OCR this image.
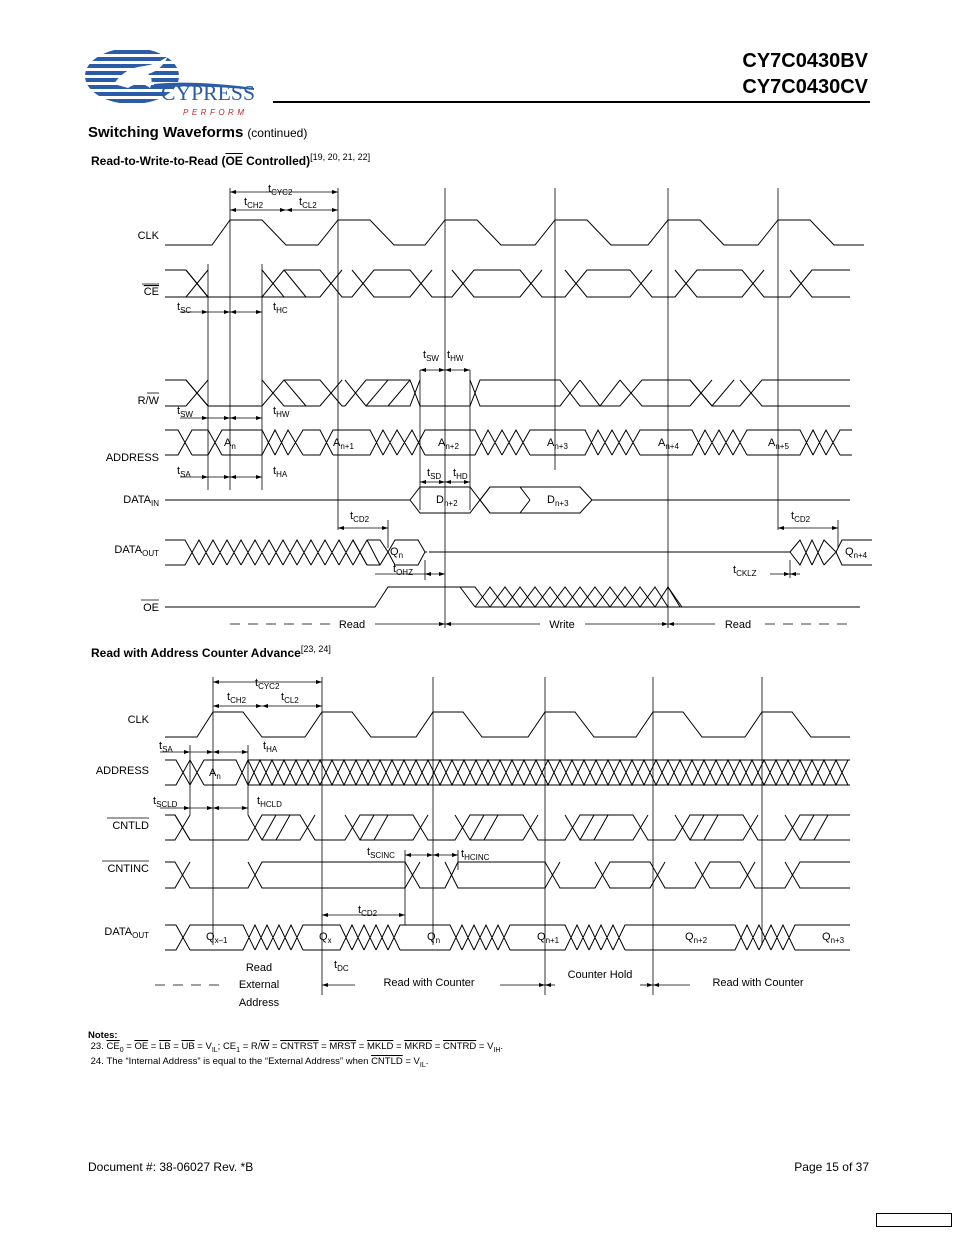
CYPRESS
PERFORM
CY7C0430BV
CY7C0430CV
Switching Waveforms (continued)
Read-to-Write-to-Read ($\overline{OE}$ Controlled)[19, 20, 21, 22]
Read with Address Counter Advance[23, 24]
CLK
CE
R/W
ADDRESS
$DATA_{IN}$
$DATA_{OUT}$
OE
$A_n$	$A_{n+1}$	$A_{n+2}$	$A_{n+3}$	$A_{n+4}$	$A_{n+5}$
$D_{n+2}$	$D_{n+3}$
$Q_n$	$Q_{n+4}$
$t_{CYC2}$
$t_{CH2}$	$t_{CL2}$
$t_{SC}$	$t_{HC}$
$t_{SW}$ $t_{HW}$
$t_{SW}$	$t_{HW}$
$t_{SA}$	$t_{HA}$	$t_{SD}$ $t_{HD}$
$t_{CD2}$	$t_{CD2}$
$t_{OHZ}$	$t_{CKLZ}$
Read	Write	Read
CLK
ADDRESS
CNTLD
CNTINC
$DATA_{OUT}$
$A_n$
$Q_{x-1}$	$Q_x$	$Q_n$	$Q_{n+1}$	$Q_{n+2}$	$Q_{n+3}$
$t_{CYC2}$
$t_{CH2}$	$t_{CL2}$
$t_{SA}$	$t_{HA}$
$t_{SCLD}$	$t_{HCLD}$
$t_{SCINC}$	$t_{HCINC}$
$t_{CD2}$
$t_{DC}$
Read
External
Address
Read with Counter
Counter Hold
Read with Counter
Notes:
23. $\overline{CE}_0 = \overline{OE} = \overline{LB} = \overline{UB} = V_{IL}$; $CE_1 = R/\overline{W}$ = CNTRST = MRST = MKLD = MKRD = CNTRD = $V_{IH}$.
24. The “Internal Address” is equal to the “External Address” when CNTLD = $V_{IL}$.
Document #: 38-06027 Rev. *B	Page 15 of 37
